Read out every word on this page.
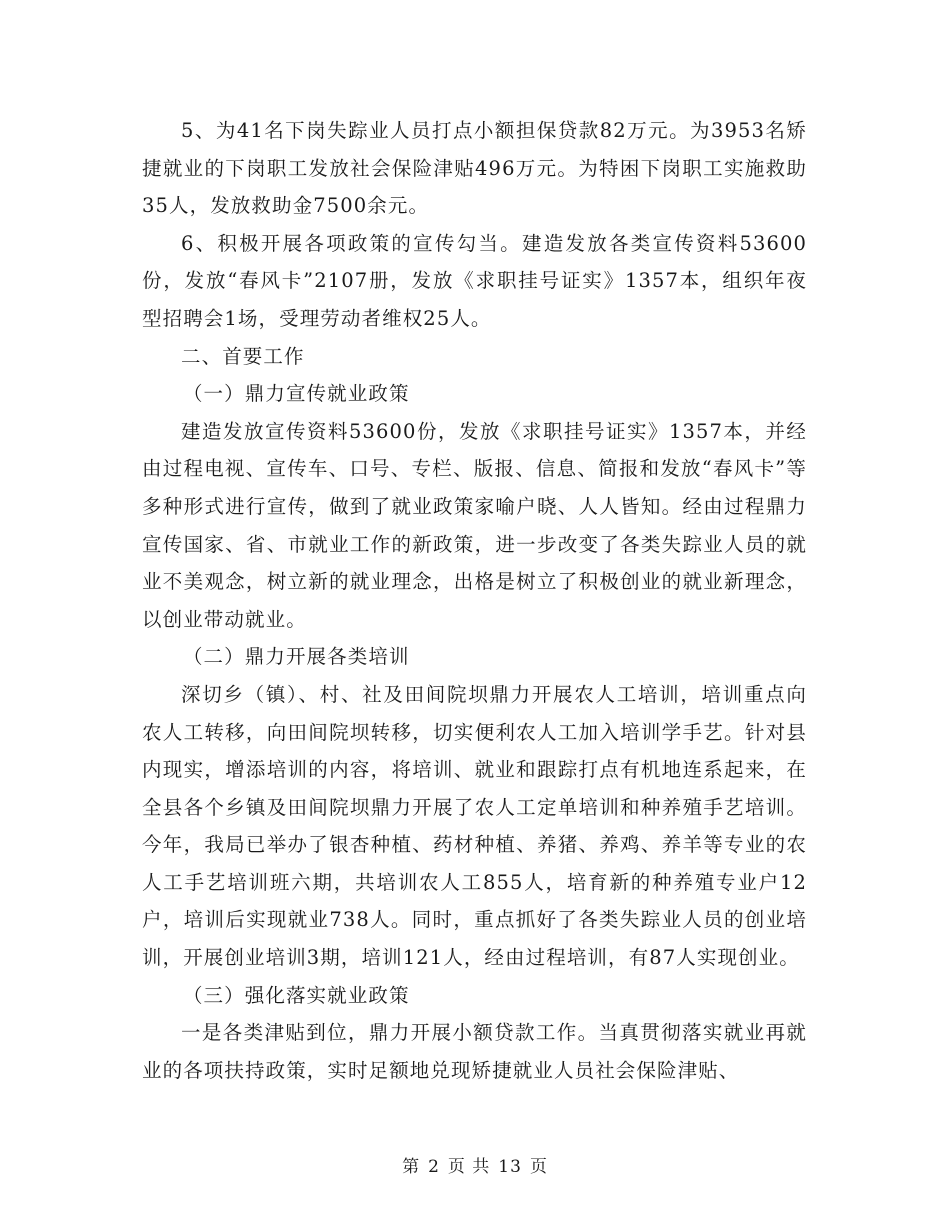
5、为41名下岗失踪业人员打点小额担保贷款82万元。为3953名矫捷就业的下岗职工发放社会保险津贴496万元。为特困下岗职工实施救助35人，发放救助金7500余元。

6、积极开展各项政策的宣传勾当。建造发放各类宣传资料53600份，发放“春风卡”2107册，发放《求职挂号证实》1357本，组织年夜型招聘会1场，受理劳动者维权25人。

二、首要工作

（一）鼎力宣传就业政策

建造发放宣传资料53600份，发放《求职挂号证实》1357本，并经由过程电视、宣传车、口号、专栏、版报、信息、简报和发放“春风卡”等多种形式进行宣传，做到了就业政策家喻户晓、人人皆知。经由过程鼎力宣传国家、省、市就业工作的新政策，进一步改变了各类失踪业人员的就业不美观念，树立新的就业理念，出格是树立了积极创业的就业新理念，以创业带动就业。

（二）鼎力开展各类培训

深切乡（镇）、村、社及田间院坝鼎力开展农人工培训，培训重点向农人工转移，向田间院坝转移，切实便利农人工加入培训学手艺。针对县内现实，增添培训的内容，将培训、就业和跟踪打点有机地连系起来，在全县各个乡镇及田间院坝鼎力开展了农人工定单培训和种养殖手艺培训。今年，我局已举办了银杏种植、药材种植、养猪、养鸡、养羊等专业的农人工手艺培训班六期，共培训农人工855人，培育新的种养殖专业户12户，培训后实现就业738人。同时，重点抓好了各类失踪业人员的创业培训，开展创业培训3期，培训121人，经由过程培训，有87人实现创业。

（三）强化落实就业政策

一是各类津贴到位，鼎力开展小额贷款工作。当真贯彻落实就业再就业的各项扶持政策，实时足额地兑现矫捷就业人员社会保险津贴、

第 2 页 共 13 页
